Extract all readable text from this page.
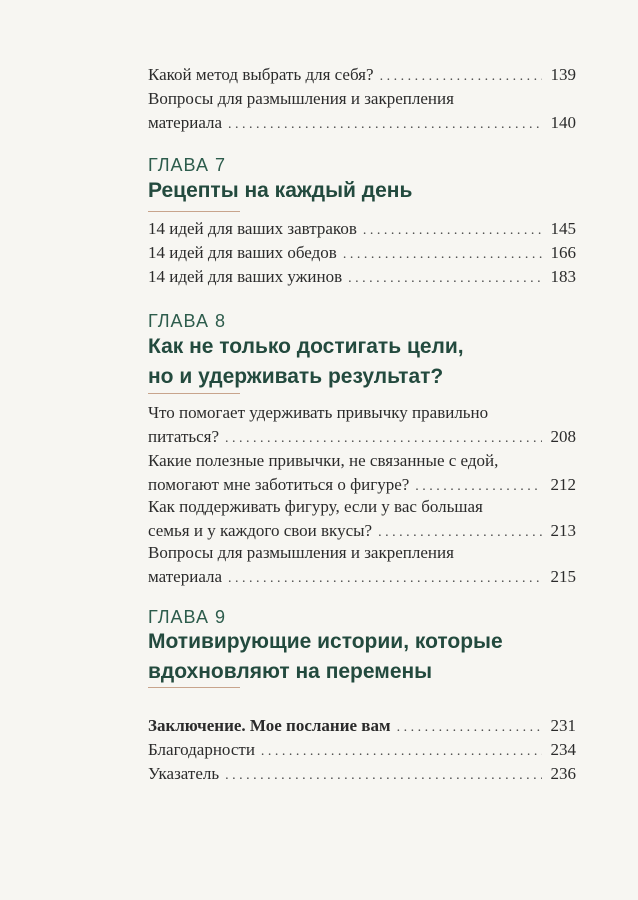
Какой метод выбрать для себя? . . .	139
Вопросы для размышления и закрепления
материала . . .	140
ГЛАВА 7
Рецепты на каждый день
14 идей для ваших завтраков . . .	145
14 идей для ваших обедов . . .	166
14 идей для ваших ужинов . . .	183
ГЛАВА 8
Как не только достигать цели,
но и удерживать результат?
Что помогает удерживать привычку правильно
питаться? . . .	208
Какие полезные привычки, не связанные с едой,
помогают мне заботиться о фигуре? . . .	212
Как поддерживать фигуру, если у вас большая
семья и у каждого свои вкусы? . . .	213
Вопросы для размышления и закрепления
материала . . .	215
ГЛАВА 9
Мотивирующие истории, которые
вдохновляют на перемены
Заключение. Мое послание вам . . .	231
Благодарности . . .	234
Указатель . . .	236
